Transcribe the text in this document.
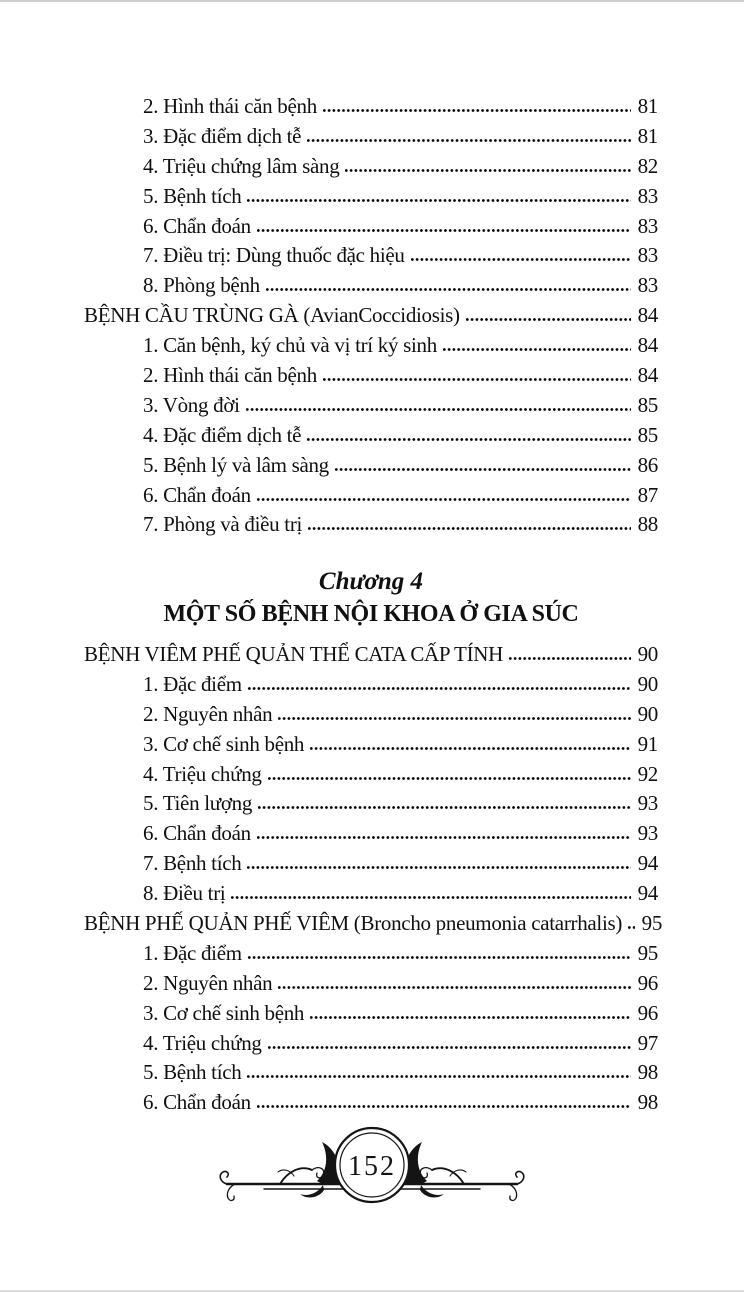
2. Hình thái căn bệnh	81
3. Đặc điểm dịch tễ	81
4. Triệu chứng lâm sàng	82
5. Bệnh tích	83
6. Chẩn đoán	83
7. Điều trị: Dùng thuốc đặc hiệu	83
8. Phòng bệnh	83
BỆNH CẦU TRÙNG GÀ (AvianCoccidiosis)	84
1. Căn bệnh, ký chủ và vị trí ký sinh	84
2. Hình thái căn bệnh	84
3. Vòng đời	85
4. Đặc điểm dịch tễ	85
5. Bệnh lý và lâm sàng	86
6. Chẩn đoán	87
7. Phòng và điều trị	88
Chương 4
MỘT SỐ BỆNH NỘI KHOA Ở GIA SÚC
BỆNH VIÊM PHẾ QUẢN THỂ CATA CẤP TÍNH	90
1. Đặc điểm	90
2. Nguyên nhân	90
3. Cơ chế sinh bệnh	91
4. Triệu chứng	92
5. Tiên lượng	93
6. Chẩn đoán	93
7. Bệnh tích	94
8. Điều trị	94
BỆNH PHẾ QUẢN PHẾ VIÊM (Broncho pneumonia catarrhalis) 95
1. Đặc điểm	95
2. Nguyên nhân	96
3. Cơ chế sinh bệnh	96
4. Triệu chứng	97
5. Bệnh tích	98
6. Chẩn đoán	98
152
